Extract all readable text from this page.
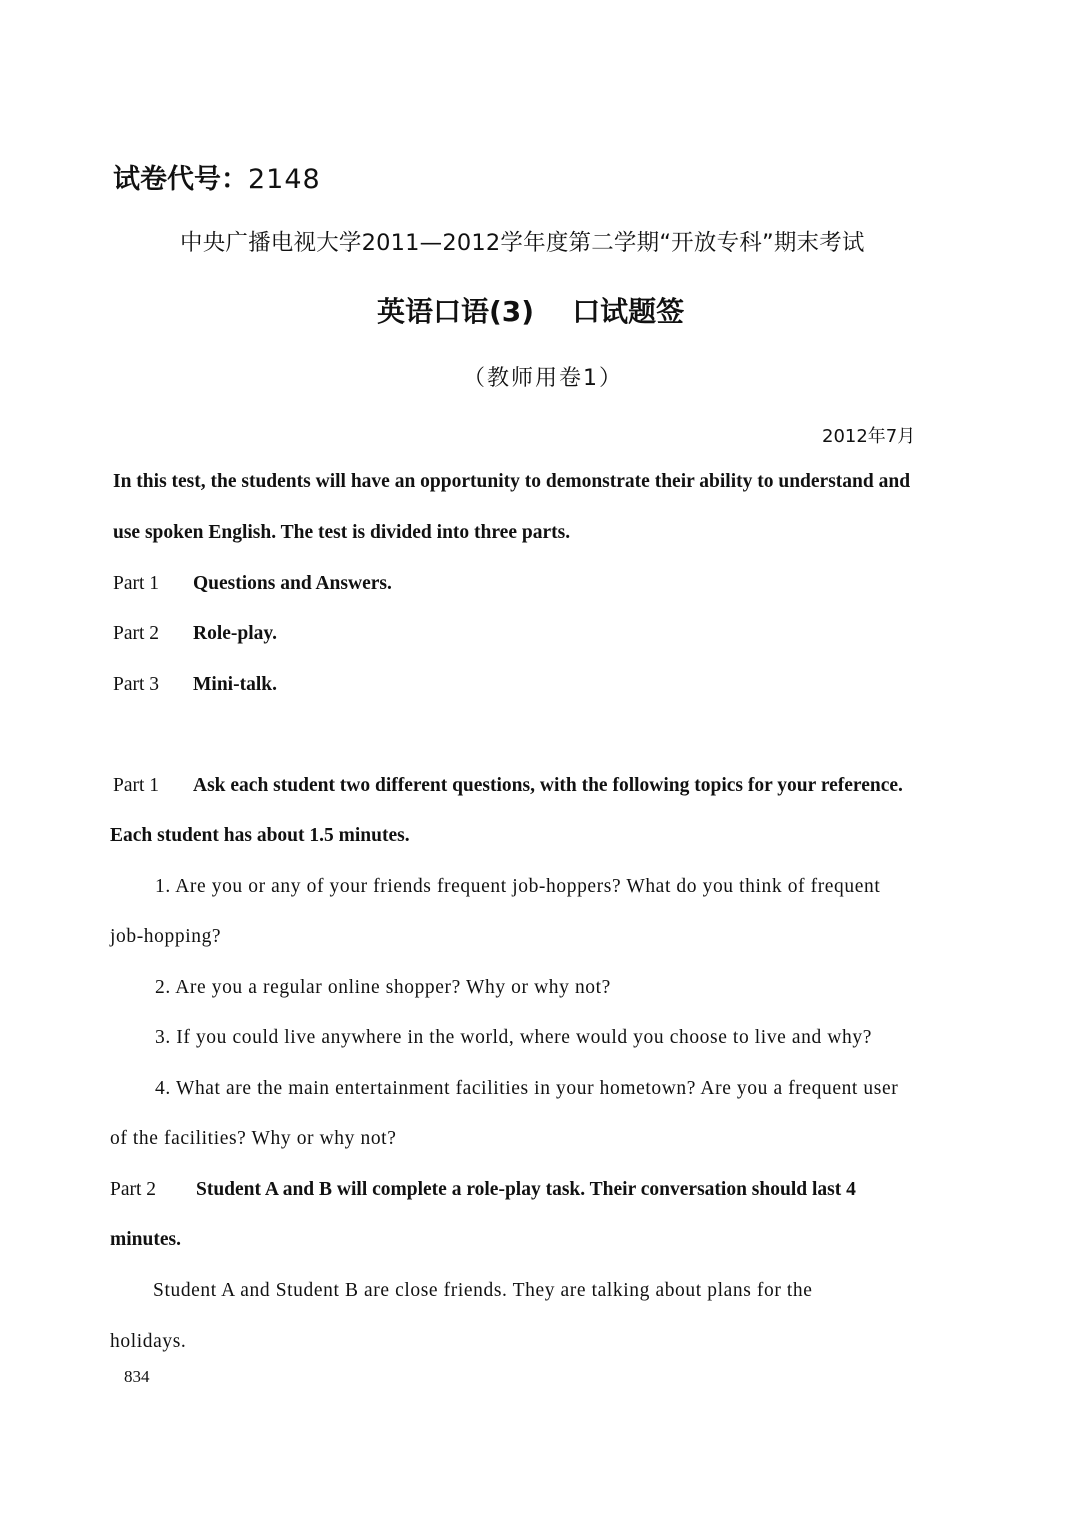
试卷代号：2148
中央广播电视大学2011—2012学年度第二学期“开放专科”期末考试
英语口语(3) 口试题签
（教师用卷1）
2012年7月
In this test, the students will have an opportunity to demonstrate their ability to understand and
use spoken English. The test is divided into three parts.
Part 1 Questions and Answers.
Part 2 Role-play.
Part 3 Mini-talk.
Part 1 Ask each student two different questions, with the following topics for your reference.
Each student has about 1.5 minutes.
1. Are you or any of your friends frequent job-hoppers? What do you think of frequent
job-hopping?
2. Are you a regular online shopper? Why or why not?
3. If you could live anywhere in the world, where would you choose to live and why?
4. What are the main entertainment facilities in your hometown? Are you a frequent user
of the facilities? Why or why not?
Part 2 Student A and B will complete a role-play task. Their conversation should last 4
minutes.
Student A and Student B are close friends. They are talking about plans for the
holidays.
834
